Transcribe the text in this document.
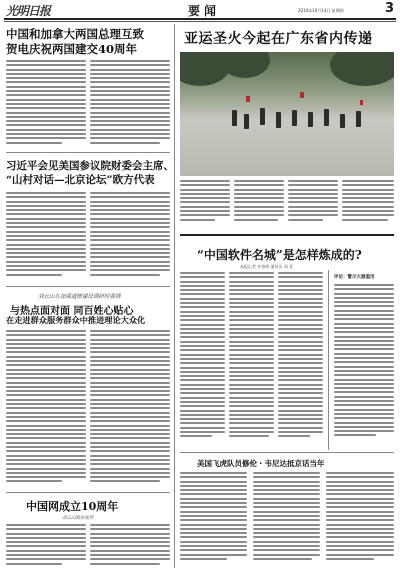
光明日报	要闻	2010年10月14日 星期四	3
中国和加拿大两国总理互致
贺电庆祝两国建交40周年
习近平会见美国参议院财委会主席、
“山村对话—北京论坛”欧方代表
刘云山在加强道德建设调研时强调
与热点面对面 同百姓心贴心
在走进群众服务群众中推进理论大众化
中国网成立10周年
刘云山致信祝贺
亚运圣火今起在广东省内传递
“中国软件名城”是怎样炼成的?
本报记者 许家明 通讯员 周 北
评论：警示大器滥用
美国飞虎队员修伦・韦尼达抵京话当年
